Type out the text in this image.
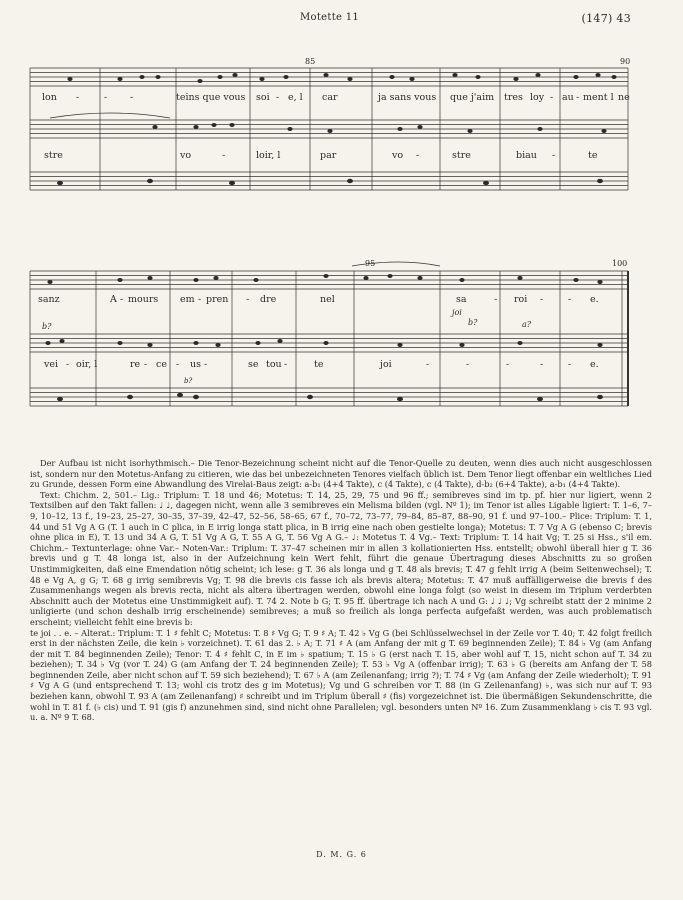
Motette 11	(147) 43
85	90
95	100
lon -	- -	teins que vous soi - e, l car	ja sans vous que j'aim tres loy - au - ment l ne
stre	vo	-	loir, l	par	vo -	stre	biau -	te
sanz	A - mours em - pren - dre	nel	sa	- roi -	- e.
b?
joi
b?	a?
b?
vei - oir, l	re - ce - us -	se tou -	te	joi	-	-	-	-	- e.

Der Aufbau ist nicht isorhythmisch.– Die Tenor-Bezeichnung scheint nicht auf die Tenor-Quelle zu deuten, wenn dies auch nicht ausgeschlossen ist, sondern nur den Motetus-Anfang zu citieren, wie das bei unbezeichneten Tenores vielfach üblich ist. Dem Tenor liegt offenbar ein weltliches Lied zu Grunde, dessen Form eine Abwandlung des Virelai-Baus zeigt: a-b₁ (4+4 Takte), c (4 Takte), c (4 Takte), d-b₂ (6+4 Takte), a-b₁ (4+4 Takte).

Text: Chichm. 2, 501.– Lig.: Triplum: T. 18 und 46; Motetus: T. 14, 25, 29, 75 und 96 ff.; semibreves sind im tp. pf. hier nur ligiert, wenn 2 Textsilben auf den Takt fallen: ♩ ♩, dagegen nicht, wenn alle 3 semibreves ein Melisma bilden (vgl. Nº 1); im Tenor ist alles Ligable ligiert: T. 1–6, 7–9, 10–12, 13 f., 19–23, 25–27, 30–35, 37–39, 42–47, 52–56, 58–65, 67 f., 70–72, 73–77, 79–84, 85–87, 88–90, 91 f. und 97–100.– Plice: Triplum: T. 1, 44 und 51 Vg A G (T. 1 auch in C plica, in E irrig longa statt plica, in B irrig eine nach oben gestielte longa); Motetus: T. 7 Vg A G (ebenso C; brevis ohne plica in E), T. 13 und 34 A G, T. 51 Vg A G, T. 55 A G, T. 56 Vg A G.– ♩: Motetus T. 4 Vg.– Text: Triplum: T. 14 hait Vg; T. 25 si Hss., s'il em. Chichm.– Textunterlage: ohne Var.– Noten-Var.: Triplum: T. 37–47 scheinen mir in allen 3 kollationierten Hss. entstellt; obwohl überall hier g T. 36 brevis und g T. 48 longa ist, also in der Aufzeichnung kein Wert fehlt, führt die genaue Übertragung dieses Abschnitts zu so großen Unstimmigkeiten, daß eine Emendation nötig scheint; ich lese: g T. 36 als longa und g T. 48 als brevis; T. 47 g fehlt irrig A (beim Seitenwechsel); T. 48 e Vg A, g G; T. 68 g irrig semibrevis Vg; T. 98 die brevis cis fasse ich als brevis altera; Motetus: T. 47 muß auffälligerweise die brevis f des Zusammenhangs wegen als brevis recta, nicht als altera übertragen werden, obwohl eine longa folgt (so weist in diesem im Triplum verderbten Abschnitt auch der Motetus eine Unstimmigkeit auf). T. 74 2. Note b G; T. 95 ff. übertrage ich nach A und G: ♩ ♩ ♩; Vg schreibt statt der 2 minime 2 unligierte (und schon deshalb irrig erscheinende) semibreves; a muß so freilich als longa perfecta aufgefaßt werden, was auch problematisch erscheint; vielleicht fehlt eine brevis b:

te joi . . e. – Alterat.: Triplum: T. 1 ♯ fehlt C; Motetus: T. 8 ♯ Vg G; T. 9 ♯ A; T. 42 ♭ Vg G (bei Schlüsselwechsel in der Zeile vor T. 40; T. 42 folgt freilich erst in der nächsten Zeile, die kein ♭ vorzeichnet). T. 61 das 2. ♭ A; T. 71 ♯ A (am Anfang der mit g T. 69 beginnenden Zeile); T. 84 ♭ Vg (am Anfang der mit T. 84 beginnenden Zeile); Tenor: T. 4 ♯ fehlt C, in E im ♭ spatium; T. 15 ♭ G (erst nach T. 15, aber wohl auf T. 15, nicht schon auf T. 34 zu beziehen); T. 34 ♭ Vg (vor T. 24) G (am Anfang der T. 24 beginnenden Zeile); T. 53 ♭ Vg A (offenbar irrig); T. 63 ♭ G (bereits am Anfang der T. 58 beginnenden Zeile, aber nicht schon auf T. 59 sich beziehend); T. 67 ♭ A (am Zeilenanfang; irrig ?); T. 74 ♯ Vg (am Anfang der Zeile wiederholt); T. 91 ♯ Vg A G (und entsprechend T. 13; wohl cis trotz des g im Motetus); Vg und G schreiben vor T. 88 (in G Zeilenanfang) ♭, was sich nur auf T. 93 beziehen kann, obwohl T. 93 A (am Zeilenanfang) ♯ schreibt und im Triplum überall ♯ (fis) vorgezeichnet ist. Die übermäßigen Sekundenschritte, die wohl in T. 81 f. (♭ cis) und T. 91 (gis f) anzunehmen sind, sind nicht ohne Parallelen; vgl. besonders unten Nº 16. Zum Zusammenklang ♭ cis T. 93 vgl. u. a. Nº 9 T. 68.

D. M. G. 6
